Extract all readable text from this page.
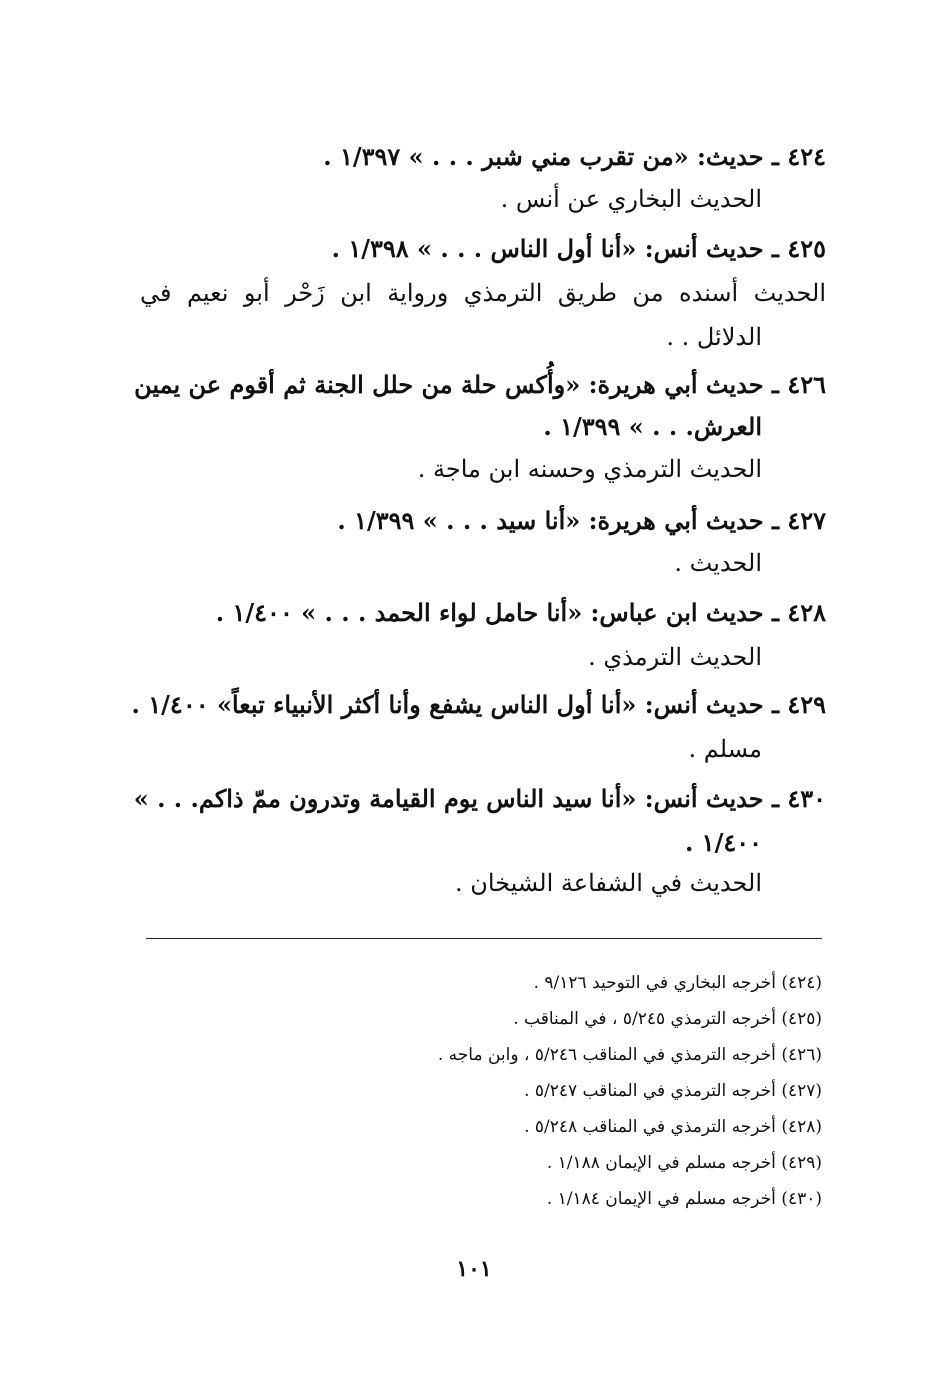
٤٢٤ ـ حديث: «من تقرب مني شبر . . . » ١/٣٩٧ .
الحديث البخاري عن أنس .
٤٢٥ ـ حديث أنس: «أنا أول الناس . . . » ١/٣٩٨ .
الحديث أسنده من طريق الترمذي ورواية ابن زَحْر أبو نعيم في
الدلائل . .
٤٢٦ ـ حديث أبي هريرة: «وأُكس حلة من حلل الجنة ثم أقوم عن يمين
العرش. . . » ١/٣٩٩ .
الحديث الترمذي وحسنه ابن ماجة .
٤٢٧ ـ حديث أبي هريرة: «أنا سيد . . . » ١/٣٩٩ .
الحديث .
٤٢٨ ـ حديث ابن عباس: «أنا حامل لواء الحمد . . . » ١/٤٠٠ .
الحديث الترمذي .
٤٢٩ ـ حديث أنس: «أنا أول الناس يشفع وأنا أكثر الأنبياء تبعاً» ١/٤٠٠ .
مسلم .
٤٣٠ ـ حديث أنس: «أنا سيد الناس يوم القيامة وتدرون ممّ ذاكم. . . »
١/٤٠٠ .
الحديث في الشفاعة الشيخان .
(٤٢٤) أخرجه البخاري في التوحيد ٩/١٢٦ .
(٤٢٥) أخرجه الترمذي ٥/٢٤٥ ، في المناقب .
(٤٢٦) أخرجه الترمذي في المناقب ٥/٢٤٦ ، وابن ماجه .
(٤٢٧) أخرجه الترمذي في المناقب ٥/٢٤٧ .
(٤٢٨) أخرجه الترمذي في المناقب ٥/٢٤٨ .
(٤٢٩) أخرجه مسلم في الإيمان ١/١٨٨ .
(٤٣٠) أخرجه مسلم في الإيمان ١/١٨٤ .
١٠١
